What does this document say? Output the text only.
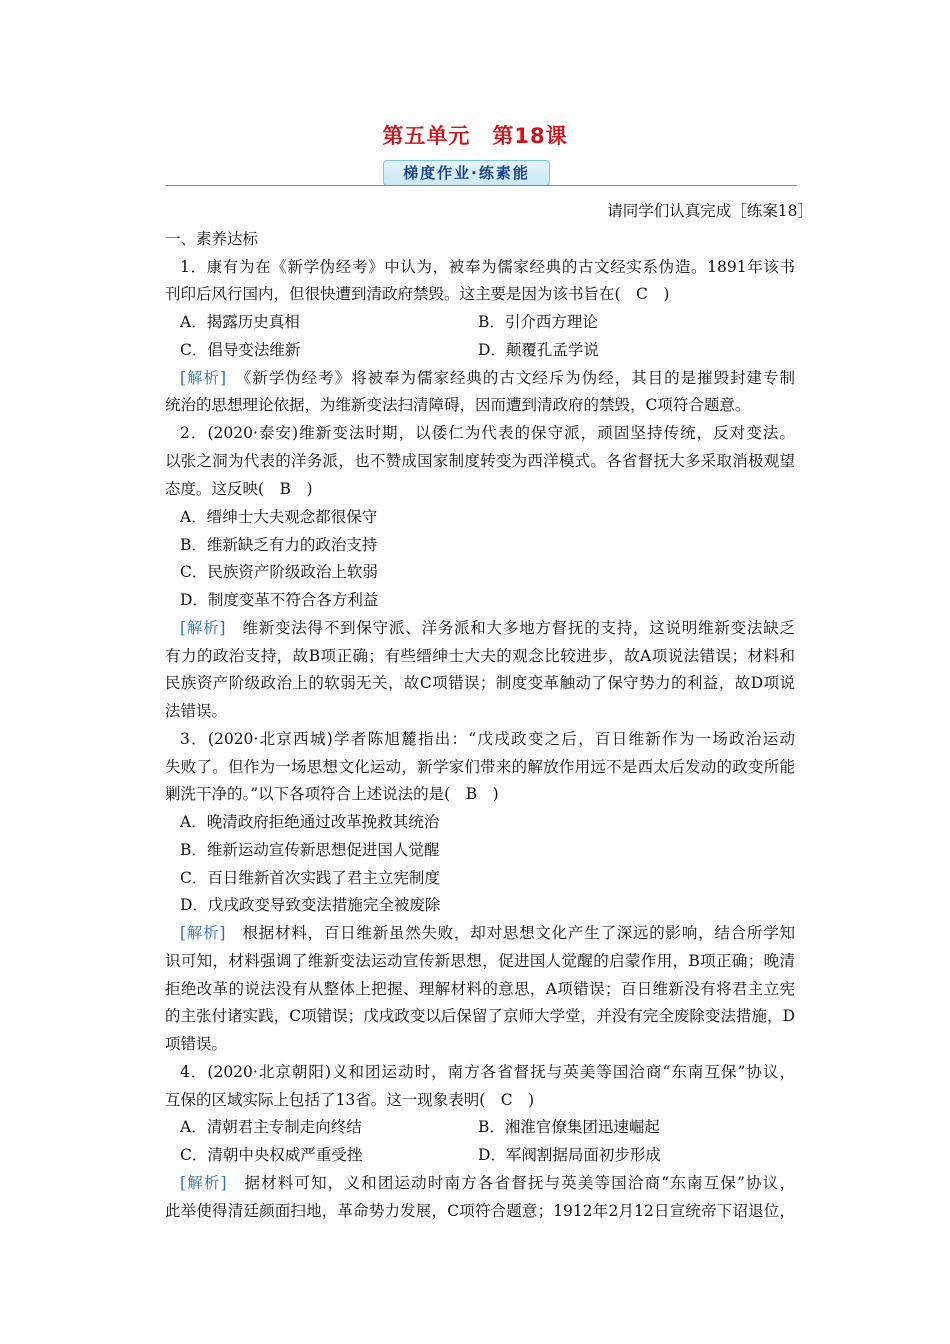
第五单元　第18课
梯度作业·练素能
请同学们认真完成［练案18］
一、素养达标
1．康有为在《新学伪经考》中认为，被奉为儒家经典的古文经实系伪造。1891年该书
刊印后风行国内，但很快遭到清政府禁毁。这主要是因为该书旨在(　C　)
A．揭露历史真相	B．引介西方理论
C．倡导变法维新	D．颠覆孔孟学说
[解析]　 《新学伪经考》将被奉为儒家经典的古文经斥为伪经，其目的是摧毁封建专制
统治的思想理论依据，为维新变法扫清障碍，因而遭到清政府的禁毁，C项符合题意。
2．(2020·泰安)维新变法时期，以倭仁为代表的保守派，顽固坚持传统，反对变法。
以张之洞为代表的洋务派，也不赞成国家制度转变为西洋模式。各省督抚大多采取消极观望
态度。这反映(　B　)
A．缙绅士大夫观念都很保守
B．维新缺乏有力的政治支持
C．民族资产阶级政治上软弱
D．制度变革不符合各方利益
[解析]　 维新变法得不到保守派、洋务派和大多地方督抚的支持，这说明维新变法缺乏
有力的政治支持，故B项正确；有些缙绅士大夫的观念比较进步，故A项说法错误；材料和
民族资产阶级政治上的软弱无关，故C项错误；制度变革触动了保守势力的利益，故D项说
法错误。
3．(2020·北京西城)学者陈旭麓指出：“戊戌政变之后，百日维新作为一场政治运动
失败了。但作为一场思想文化运动，新学家们带来的解放作用远不是西太后发动的政变所能
剿洗干净的。”以下各项符合上述说法的是(　B　)
A．晚清政府拒绝通过改革挽救其统治
B．维新运动宣传新思想促进国人觉醒
C．百日维新首次实践了君主立宪制度
D．戊戌政变导致变法措施完全被废除
[解析]　 根据材料，百日维新虽然失败，却对思想文化产生了深远的影响，结合所学知
识可知，材料强调了维新变法运动宣传新思想，促进国人觉醒的启蒙作用，B项正确；晚清
拒绝改革的说法没有从整体上把握、理解材料的意思，A项错误；百日维新没有将君主立宪
的主张付诸实践，C项错误；戊戌政变以后保留了京师大学堂，并没有完全废除变法措施，D
项错误。
4．(2020·北京朝阳)义和团运动时，南方各省督抚与英美等国洽商“东南互保”协议，
互保的区域实际上包括了13省。这一现象表明(　C　)
A．清朝君主专制走向终结	B．湘淮官僚集团迅速崛起
C．清朝中央权威严重受挫	D．军阀割据局面初步形成
[解析]　 据材料可知，义和团运动时南方各省督抚与英美等国洽商“东南互保”协议，
此举使得清廷颜面扫地，革命势力发展，C项符合题意；1912年2月12日宣统帝下诏退位，
